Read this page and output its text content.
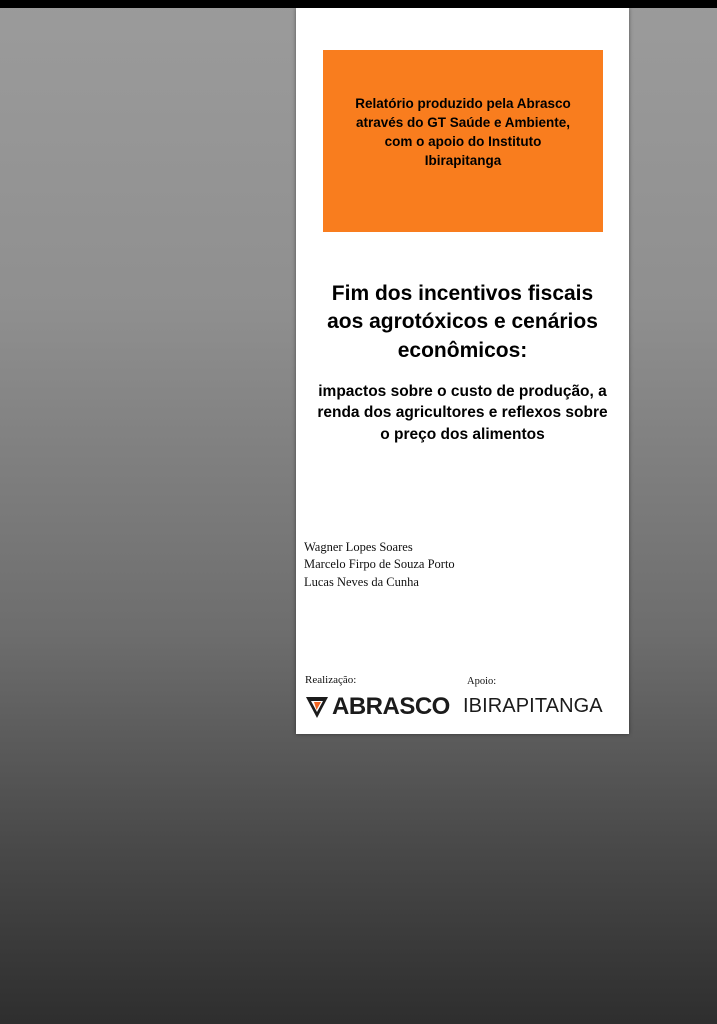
Relatório produzido pela Abrasco através do GT Saúde e Ambiente, com o apoio do Instituto Ibirapitanga
Fim dos incentivos fiscais aos agrotóxicos e cenários econômicos:

impactos sobre o custo de produção, a renda dos agricultores e reflexos sobre o preço dos alimentos

Wagner Lopes Soares
Marcelo Firpo de Souza Porto
Lucas Neves da Cunha
Realização:	Apoio:
ABRASCO IBIRAPITANGA
